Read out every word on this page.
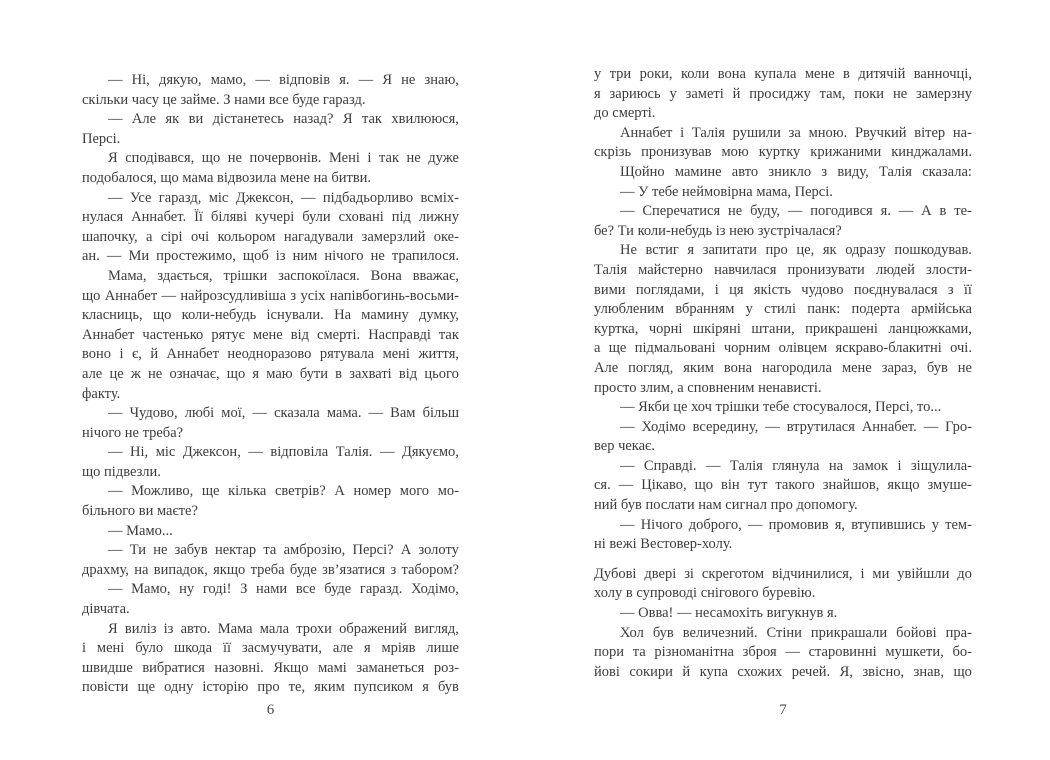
— Ні, дякую, мамо, — відповів я. — Я не знаю,
скільки часу це займе. З нами все буде гаразд.
— Але як ви дістанетесь назад? Я так хвилююся,
Персі.
Я сподівався, що не почервонів. Мені і так не дуже
подобалося, що мама відвозила мене на битви.
— Усе гаразд, міс Джексон, — підбадьорливо всміх-
нулася Аннабет. Її біляві кучері були сховані під лижну
шапочку, а сірі очі кольором нагадували замерзлий оке-
ан. — Ми простежимо, щоб із ним нічого не трапилося.
Мама, здається, трішки заспокоїлася. Вона вважає,
що Аннабет — найрозсудливіша з усіх напівбогинь-восьми-
класниць, що коли-небудь існували. На мамину думку,
Аннабет частенько рятує мене від смерті. Насправді так
воно і є, й Аннабет неодноразово рятувала мені життя,
але це ж не означає, що я маю бути в захваті від цього
факту.
— Чудово, любі мої, — сказала мама. — Вам більш
нічого не треба?
— Ні, міс Джексон, — відповіла Талія. — Дякуємо,
що підвезли.
— Можливо, ще кілька светрів? А номер мого мо-
більного ви маєте?
— Мамо...
— Ти не забув нектар та амброзію, Персі? А золоту
драхму, на випадок, якщо треба буде зв’язатися з табором?
— Мамо, ну годі! З нами все буде гаразд. Ходімо,
дівчата.
Я виліз із авто. Мама мала трохи ображений вигляд,
і мені було шкода її засмучувати, але я мріяв лише
швидше вибратися назовні. Якщо мамі заманеться роз-
повісти ще одну історію про те, яким пупсиком я був
у три роки, коли вона купала мене в дитячій ванночці,
я зариюсь у заметі й просиджу там, поки не замерзну
до смерті.
Аннабет і Талія рушили за мною. Рвучкий вітер на-
скрізь пронизував мою куртку крижаними кинджалами.
Щойно мамине авто зникло з виду, Талія сказала:
— У тебе неймовірна мама, Персі.
— Сперечатися не буду, — погодився я. — А в те-
бе? Ти коли-небудь із нею зустрічалася?
Не встиг я запитати про це, як одразу пошкодував.
Талія майстерно навчилася пронизувати людей злости-
вими поглядами, і ця якість чудово поєднувалася з її
улюбленим вбранням у стилі панк: подерта армійська
куртка, чорні шкіряні штани, прикрашені ланцюжками,
а ще підмальовані чорним олівцем яскраво-блакитні очі.
Але погляд, яким вона нагородила мене зараз, був не
просто злим, а сповненим ненависті.
— Якби це хоч трішки тебе стосувалося, Персі, то...
— Ходімо всередину, — втрутилася Аннабет. — Гро-
вер чекає.
— Справді. — Талія глянула на замок і зіщулила-
ся. — Цікаво, що він тут такого знайшов, якщо змуше-
ний був послати нам сигнал про допомогу.
— Нічого доброго, — промовив я, втупившись у тем-
ні вежі Вестовер-холу.
Дубові двері зі скреготом відчинилися, і ми увійшли до
холу в супроводі снігового буревію.
— Овва! — несамохіть вигукнув я.
Хол був величезний. Стіни прикрашали бойові пра-
пори та різноманітна зброя — старовинні мушкети, бо-
йові сокири й купа схожих речей. Я, звісно, знав, що
6	7
